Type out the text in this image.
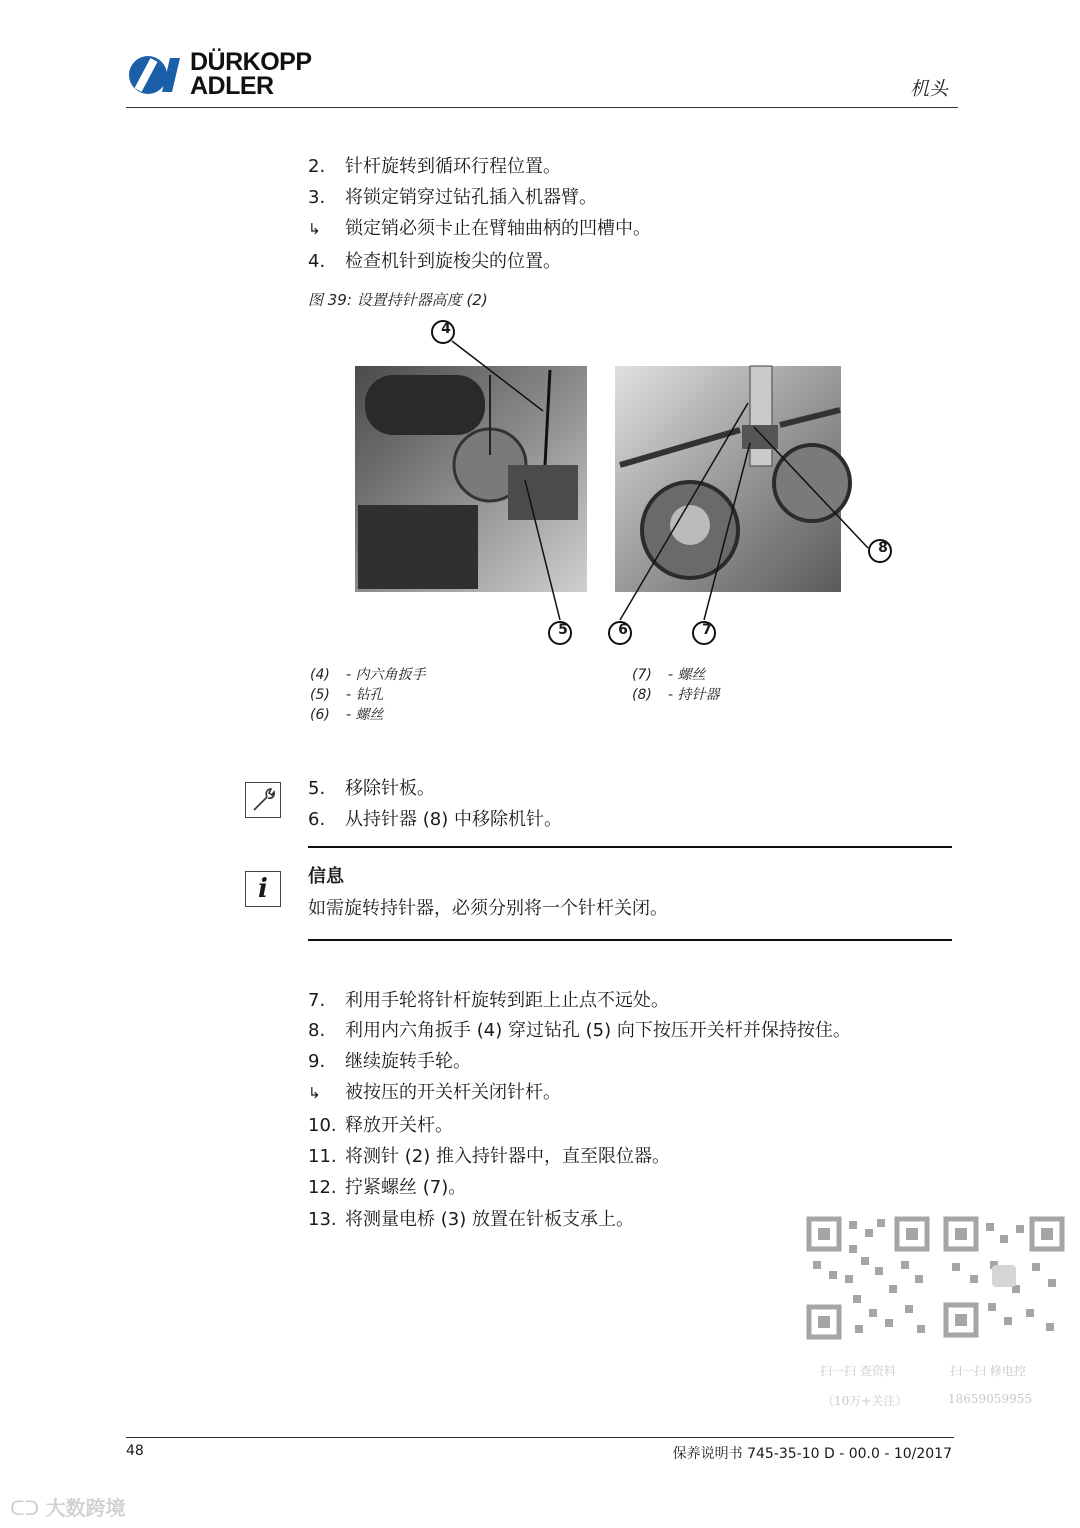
DÜRKOPP
ADLER	机头
2. 针杆旋转到循环行程位置。
3. 将锁定销穿过钻孔插入机器臂。
↳ 锁定销必须卡止在臂轴曲柄的凹槽中。
4. 检查机针到旋梭尖的位置。
图 39: 设置持针器高度 (2)
4
5	6	7
8
(4) - 内六角扳手
(5) - 钻孔
(6) - 螺丝
(7) - 螺丝
(8) - 持针器
5. 移除针板。
6. 从持针器 (8) 中移除机针。
i	信息
如需旋转持针器，必须分别将一个针杆关闭。
7. 利用手轮将针杆旋转到距上止点不远处。
8. 利用内六角扳手 (4) 穿过钻孔 (5) 向下按压开关杆并保持按住。
9. 继续旋转手轮。
↳ 被按压的开关杆关闭针杆。
10. 释放开关杆。
11. 将测针 (2) 推入持针器中，直至限位器。
12. 拧紧螺丝 (7)。
13. 将测量电桥 (3) 放置在针板支承上。
扫一扫 查资料
（10万+关注）
扫一扫 修电控
18659059955
48	保养说明书 745-35-10 D - 00.0 - 10/2017
ᑕᑐ 大数跨境
